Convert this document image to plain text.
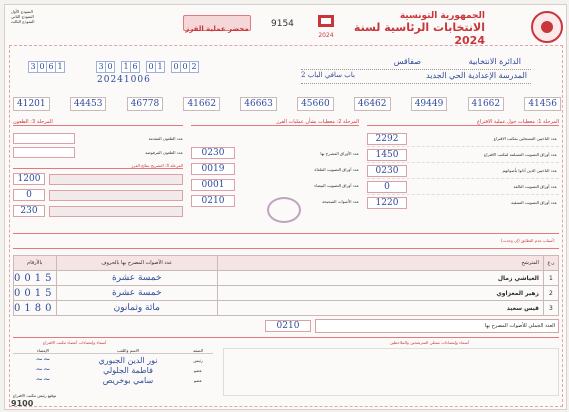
النموذج الأول
النموذج الثاني
النموذج الثالث
محضر عملية الفرز 9154
2024
الجمهورية التونسية
الانتخابات الرئاسية لسنة 2024
3 0 6 1	3 0	1 6	0 1	0 0 2
20241006
صفاقس	الدائرة الانتخابية
المدرسة الإعدادية الحي الجديد
2 باب سافي الباب
41201	44453	46778	41662	46663	45660	46462	49449	41662	41456
المرحلة 3: الطعون	المرحلة 2: معطيات بشأن عمليات الفرز	المرحلة 1: معطيات حول عملية الاقتراع
2292	عدد الناخبين المسجلين بمكتب الاقتراع
1450	عدد أوراق التصويت المسلمة لمكتب الاقتراع
0230	عدد الناخبين الذين أدلوا بأصواتهم
0	عدد أوراق التصويت التالفة
1220	عدد أوراق التصويت المتبقية
0230	عدد الأوراق المصرح بها
0019	عدد أوراق التصويت الملغاة
0001	عدد أوراق التصويت البيضاء
0210	عدد الأصوات الصحيحة
عدد الطعون المقدمة
عدد الطعون المرفوضة
المرحلة 4: التصريح بنتائج الفرز
1200
0
230
أسباب عدم التطابق (إن وجدت):
بالأرقام	عدد الأصوات المصرح بها بالحروف	المترشح	ر.ع
0015	خمسة عشرة	العياشي زمال	1
0015	خمسة عشرة	زهير المغزاوي	2
0180	مائة وثمانون	قيس سعيد	3
0210	العدد الجملي للأصوات المصرح بها
أسماء وإمضاءات أعضاء مكتب الاقتراع	أسماء وإمضاءات ممثلي المترشحين والملاحظين
الإمضاء	الاسم واللقب	الصفة
~~	نور الدين الجبوري	رئيس
~~	فاطمة الجلولي	عضو
~~	سامي بوخريص	عضو
توقيع رئيس مكتب الاقتراع
9100
